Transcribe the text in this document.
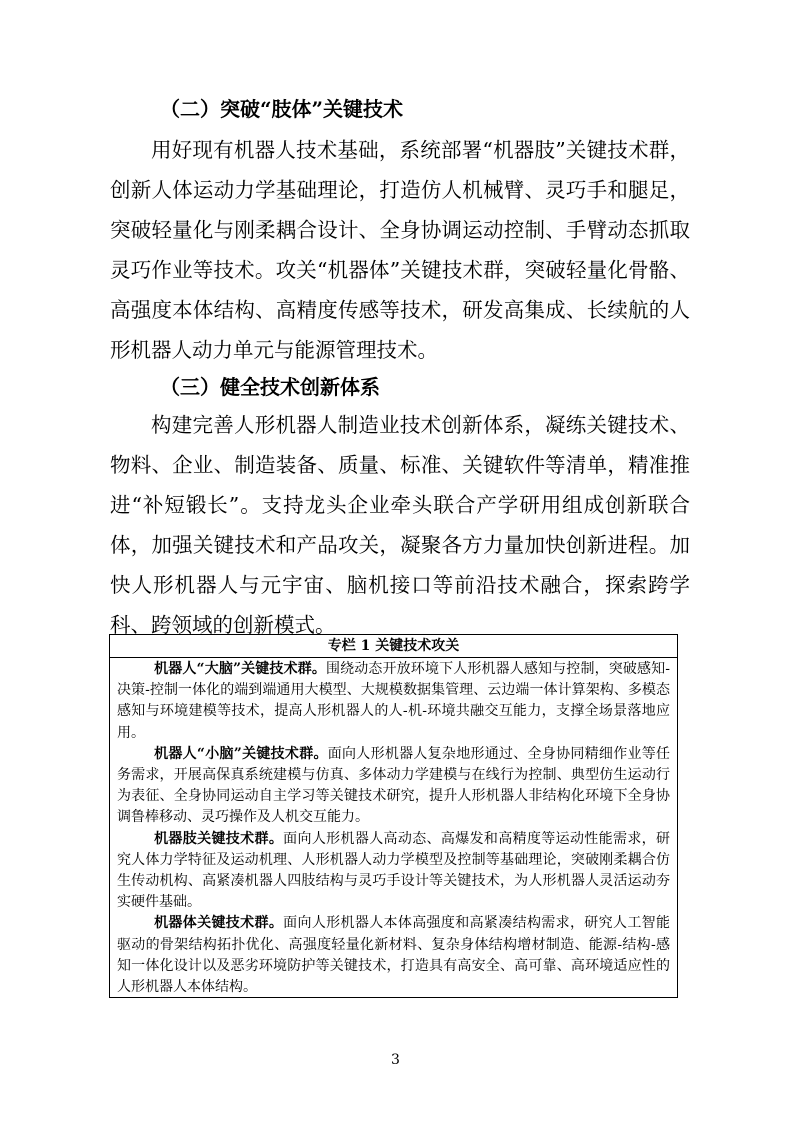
（二）突破“肢体”关键技术
用好现有机器人技术基础，系统部署“机器肢”关键技术群，创新人体运动力学基础理论，打造仿人机械臂、灵巧手和腿足，突破轻量化与刚柔耦合设计、全身协调运动控制、手臂动态抓取灵巧作业等技术。攻关“机器体”关键技术群，突破轻量化骨骼、高强度本体结构、高精度传感等技术，研发高集成、长续航的人形机器人动力单元与能源管理技术。
（三）健全技术创新体系
构建完善人形机器人制造业技术创新体系，凝练关键技术、物料、企业、制造装备、质量、标准、关键软件等清单，精准推进“补短锻长”。支持龙头企业牵头联合产学研用组成创新联合体，加强关键技术和产品攻关，凝聚各方力量加快创新进程。加快人形机器人与元宇宙、脑机接口等前沿技术融合，探索跨学科、跨领域的创新模式。
专栏 1 关键技术攻关

机器人“大脑”关键技术群。围绕动态开放环境下人形机器人感知与控制，突破感知-决策-控制一体化的端到端通用大模型、大规模数据集管理、云边端一体计算架构、多模态感知与环境建模等技术，提高人形机器人的人-机-环境共融交互能力，支撑全场景落地应用。

机器人“小脑”关键技术群。面向人形机器人复杂地形通过、全身协同精细作业等任务需求，开展高保真系统建模与仿真、多体动力学建模与在线行为控制、典型仿生运动行为表征、全身协同运动自主学习等关键技术研究，提升人形机器人非结构化环境下全身协调鲁棒移动、灵巧操作及人机交互能力。

机器肢关键技术群。面向人形机器人高动态、高爆发和高精度等运动性能需求，研究人体力学特征及运动机理、人形机器人动力学模型及控制等基础理论，突破刚柔耦合仿生传动机构、高紧凑机器人四肢结构与灵巧手设计等关键技术，为人形机器人灵活运动夯实硬件基础。

机器体关键技术群。面向人形机器人本体高强度和高紧凑结构需求，研究人工智能驱动的骨架结构拓扑优化、高强度轻量化新材料、复杂身体结构增材制造、能源-结构-感知一体化设计以及恶劣环境防护等关键技术，打造具有高安全、高可靠、高环境适应性的人形机器人本体结构。

3
